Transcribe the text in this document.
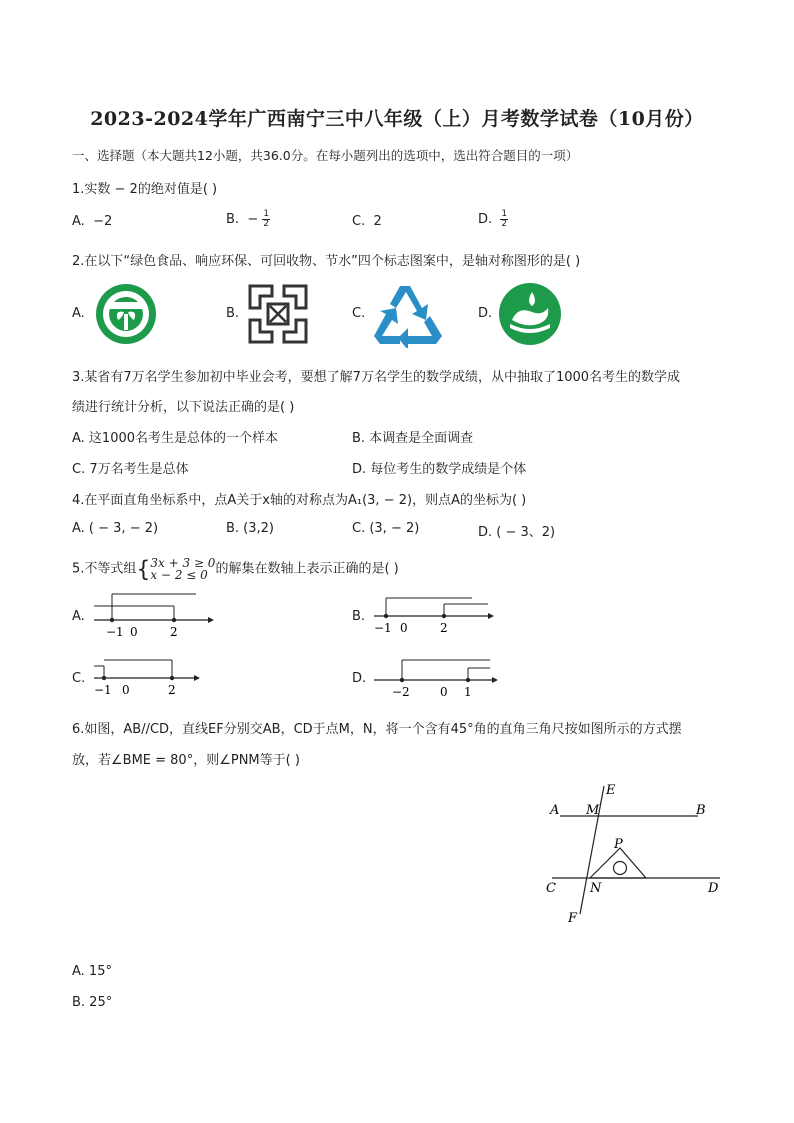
2023-2024学年广西南宁三中八年级（上）月考数学试卷（10月份）
一、选择题（本大题共12小题，共36.0分。在每小题列出的选项中，选出符合题目的一项）
1.实数 − 2的绝对值是( )
A. −2	B. − $\frac{1}{2}$	C. 2	D. $\frac{1}{2}$
2.在以下“绿色食品、响应环保、可回收物、节水”四个标志图案中，是轴对称图形的是( )
A.	B.	C.	D.
3.某省有7万名学生参加初中毕业会考，要想了解7万名学生的数学成绩，从中抽取了1000名考生的数学成
绩进行统计分析，以下说法正确的是( )
A. 这1000名考生是总体的一个样本	B. 本调查是全面调查
C. 7万名考生是总体	D. 每位考生的数学成绩是个体
4.在平面直角坐标系中，点A关于x轴的对称点为A₁(3, − 2)，则点A的坐标为( )
A. ( − 3, − 2)	B. (3,2)	C. (3, − 2)	D. ( − 3、2)
5.不等式组{ 3x + 3 ≥ 0
x − 2 ≤ 0 的解集在数轴上表示正确的是( )
A.
−1 0	2
B.
−1 0	2
C.
−1 0	2
D.
−2	0 1
6.如图，AB//CD，直线EF分别交AB，CD于点M，N，将一个含有45°角的直角三角尺按如图所示的方式摆
放，若∠BME = 80°，则∠PNM等于( )
A M
E
B
P
C	N	D
F
A. 15°
B. 25°
